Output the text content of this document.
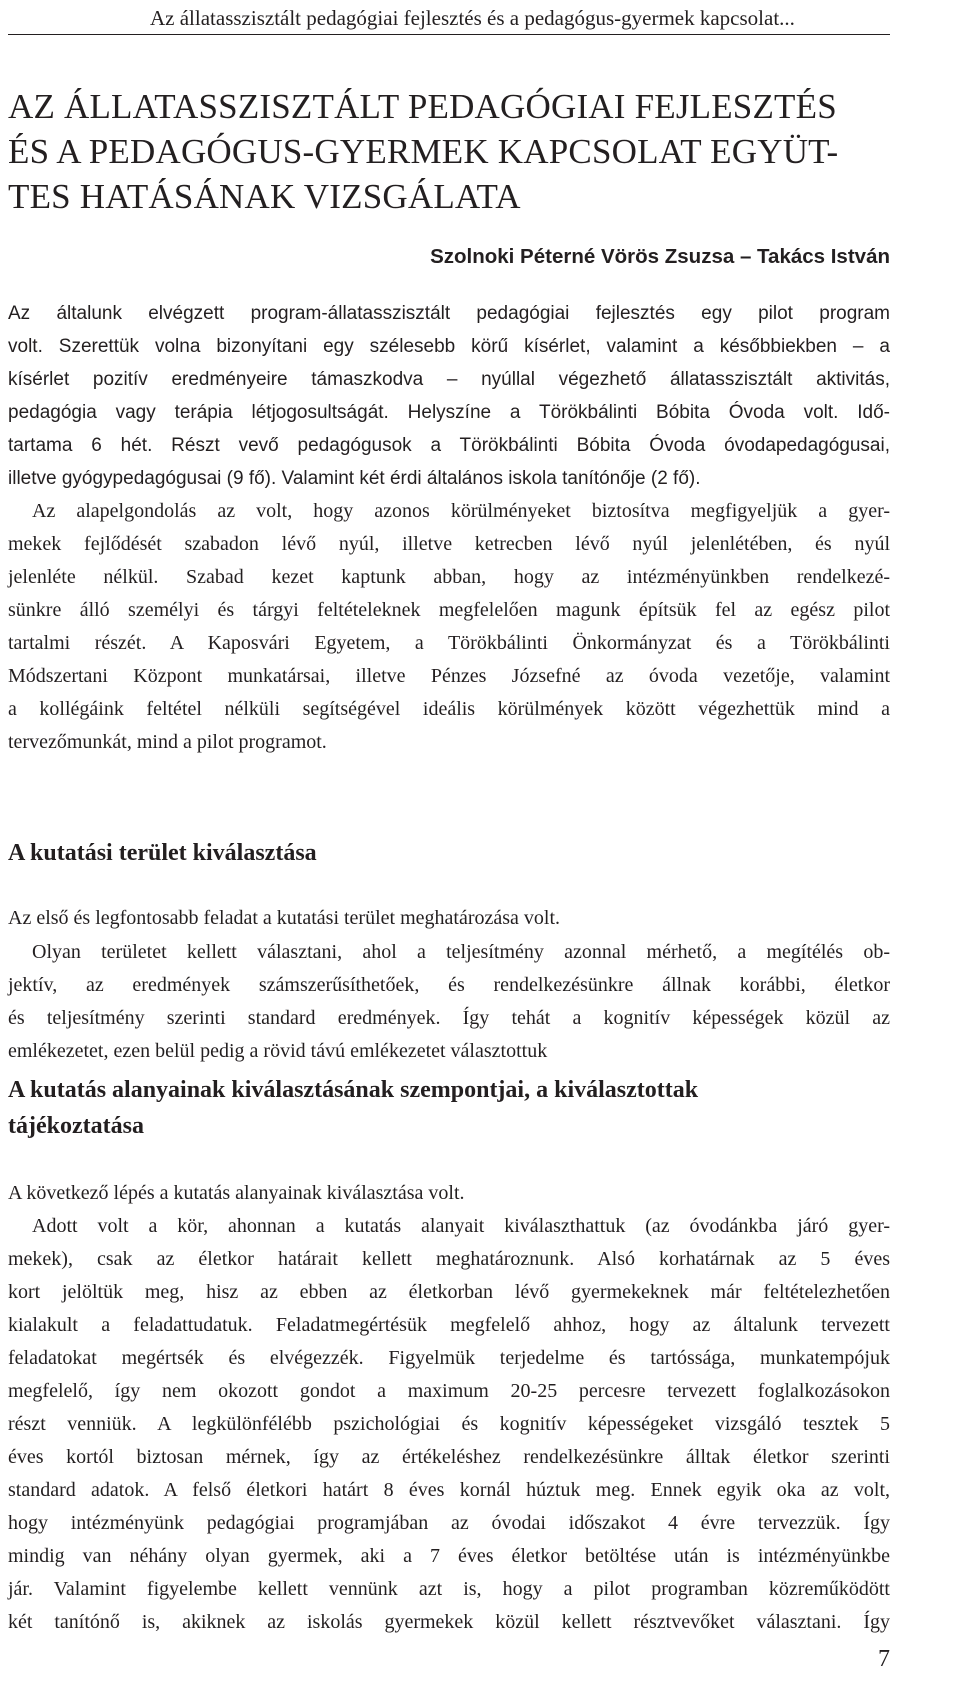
Az állatasszisztált pedagógiai fejlesztés és a pedagógus-gyermek kapcsolat...
AZ ÁLLATASSZISZTÁLT PEDAGÓGIAI FEJLESZTÉS
ÉS A PEDAGÓGUS-GYERMEK KAPCSOLAT EGYÜT-
TES HATÁSÁNAK VIZSGÁLATA
Szolnoki Péterné Vörös Zsuzsa – Takács István
Az általunk elvégzett program-állatasszisztált pedagógiai fejlesztés egy pilot program
volt. Szerettük volna bizonyítani egy szélesebb körű kísérlet, valamint a későbbiekben – a
kísérlet pozitív eredményeire támaszkodva – nyúllal végezhető állatasszisztált aktivitás,
pedagógia vagy terápia létjogosultságát. Helyszíne a Törökbálinti Bóbita Óvoda volt. Idő-
tartama 6 hét. Részt vevő pedagógusok a Törökbálinti Bóbita Óvoda óvodapedagógusai,
illetve gyógypedagógusai (9 fő). Valamint két érdi általános iskola tanítónője (2 fő).
Az alapelgondolás az volt, hogy azonos körülményeket biztosítva megfigyeljük a gyer-
mekek fejlődését szabadon lévő nyúl, illetve ketrecben lévő nyúl jelenlétében, és nyúl
jelenléte nélkül. Szabad kezet kaptunk abban, hogy az intézményünkben rendelkezé-
sünkre álló személyi és tárgyi feltételeknek megfelelően magunk építsük fel az egész pilot
tartalmi részét. A Kaposvári Egyetem, a Törökbálinti Önkormányzat és a Törökbálinti
Módszertani Központ munkatársai, illetve Pénzes Józsefné az óvoda vezetője, valamint
a kollégáink feltétel nélküli segítségével ideális körülmények között végezhettük mind a
tervezőmunkát, mind a pilot programot.
A kutatási terület kiválasztása
Az első és legfontosabb feladat a kutatási terület meghatározása volt.
Olyan területet kellett választani, ahol a teljesítmény azonnal mérhető, a megítélés ob-
jektív, az eredmények számszerűsíthetőek, és rendelkezésünkre állnak korábbi, életkor
és teljesítmény szerinti standard eredmények. Így tehát a kognitív képességek közül az
emlékezetet, ezen belül pedig a rövid távú emlékezetet választottuk
A kutatás alanyainak kiválasztásának szempontjai, a kiválasztottak
tájékoztatása
A következő lépés a kutatás alanyainak kiválasztása volt.
Adott volt a kör, ahonnan a kutatás alanyait kiválaszthattuk (az óvodánkba járó gyer-
mekek), csak az életkor határait kellett meghatároznunk. Alsó korhatárnak az 5 éves
kort jelöltük meg, hisz az ebben az életkorban lévő gyermekeknek már feltételezhetően
kialakult a feladattudatuk. Feladatmegértésük megfelelő ahhoz, hogy az általunk tervezett
feladatokat megértsék és elvégezzék. Figyelmük terjedelme és tartóssága, munkatempójuk
megfelelő, így nem okozott gondot a maximum 20-25 percesre tervezett foglalkozásokon
részt venniük. A legkülönfélébb pszichológiai és kognitív képességeket vizsgáló tesztek 5
éves kortól biztosan mérnek, így az értékeléshez rendelkezésünkre álltak életkor szerinti
standard adatok. A felső életkori határt 8 éves kornál húztuk meg. Ennek egyik oka az volt,
hogy intézményünk pedagógiai programjában az óvodai időszakot 4 évre tervezzük. Így
mindig van néhány olyan gyermek, aki a 7 éves életkor betöltése után is intézményünkbe
jár. Valamint figyelembe kellett vennünk azt is, hogy a pilot programban közreműködött
két tanítónő is, akiknek az iskolás gyermekek közül kellett résztvevőket választani. Így
7
